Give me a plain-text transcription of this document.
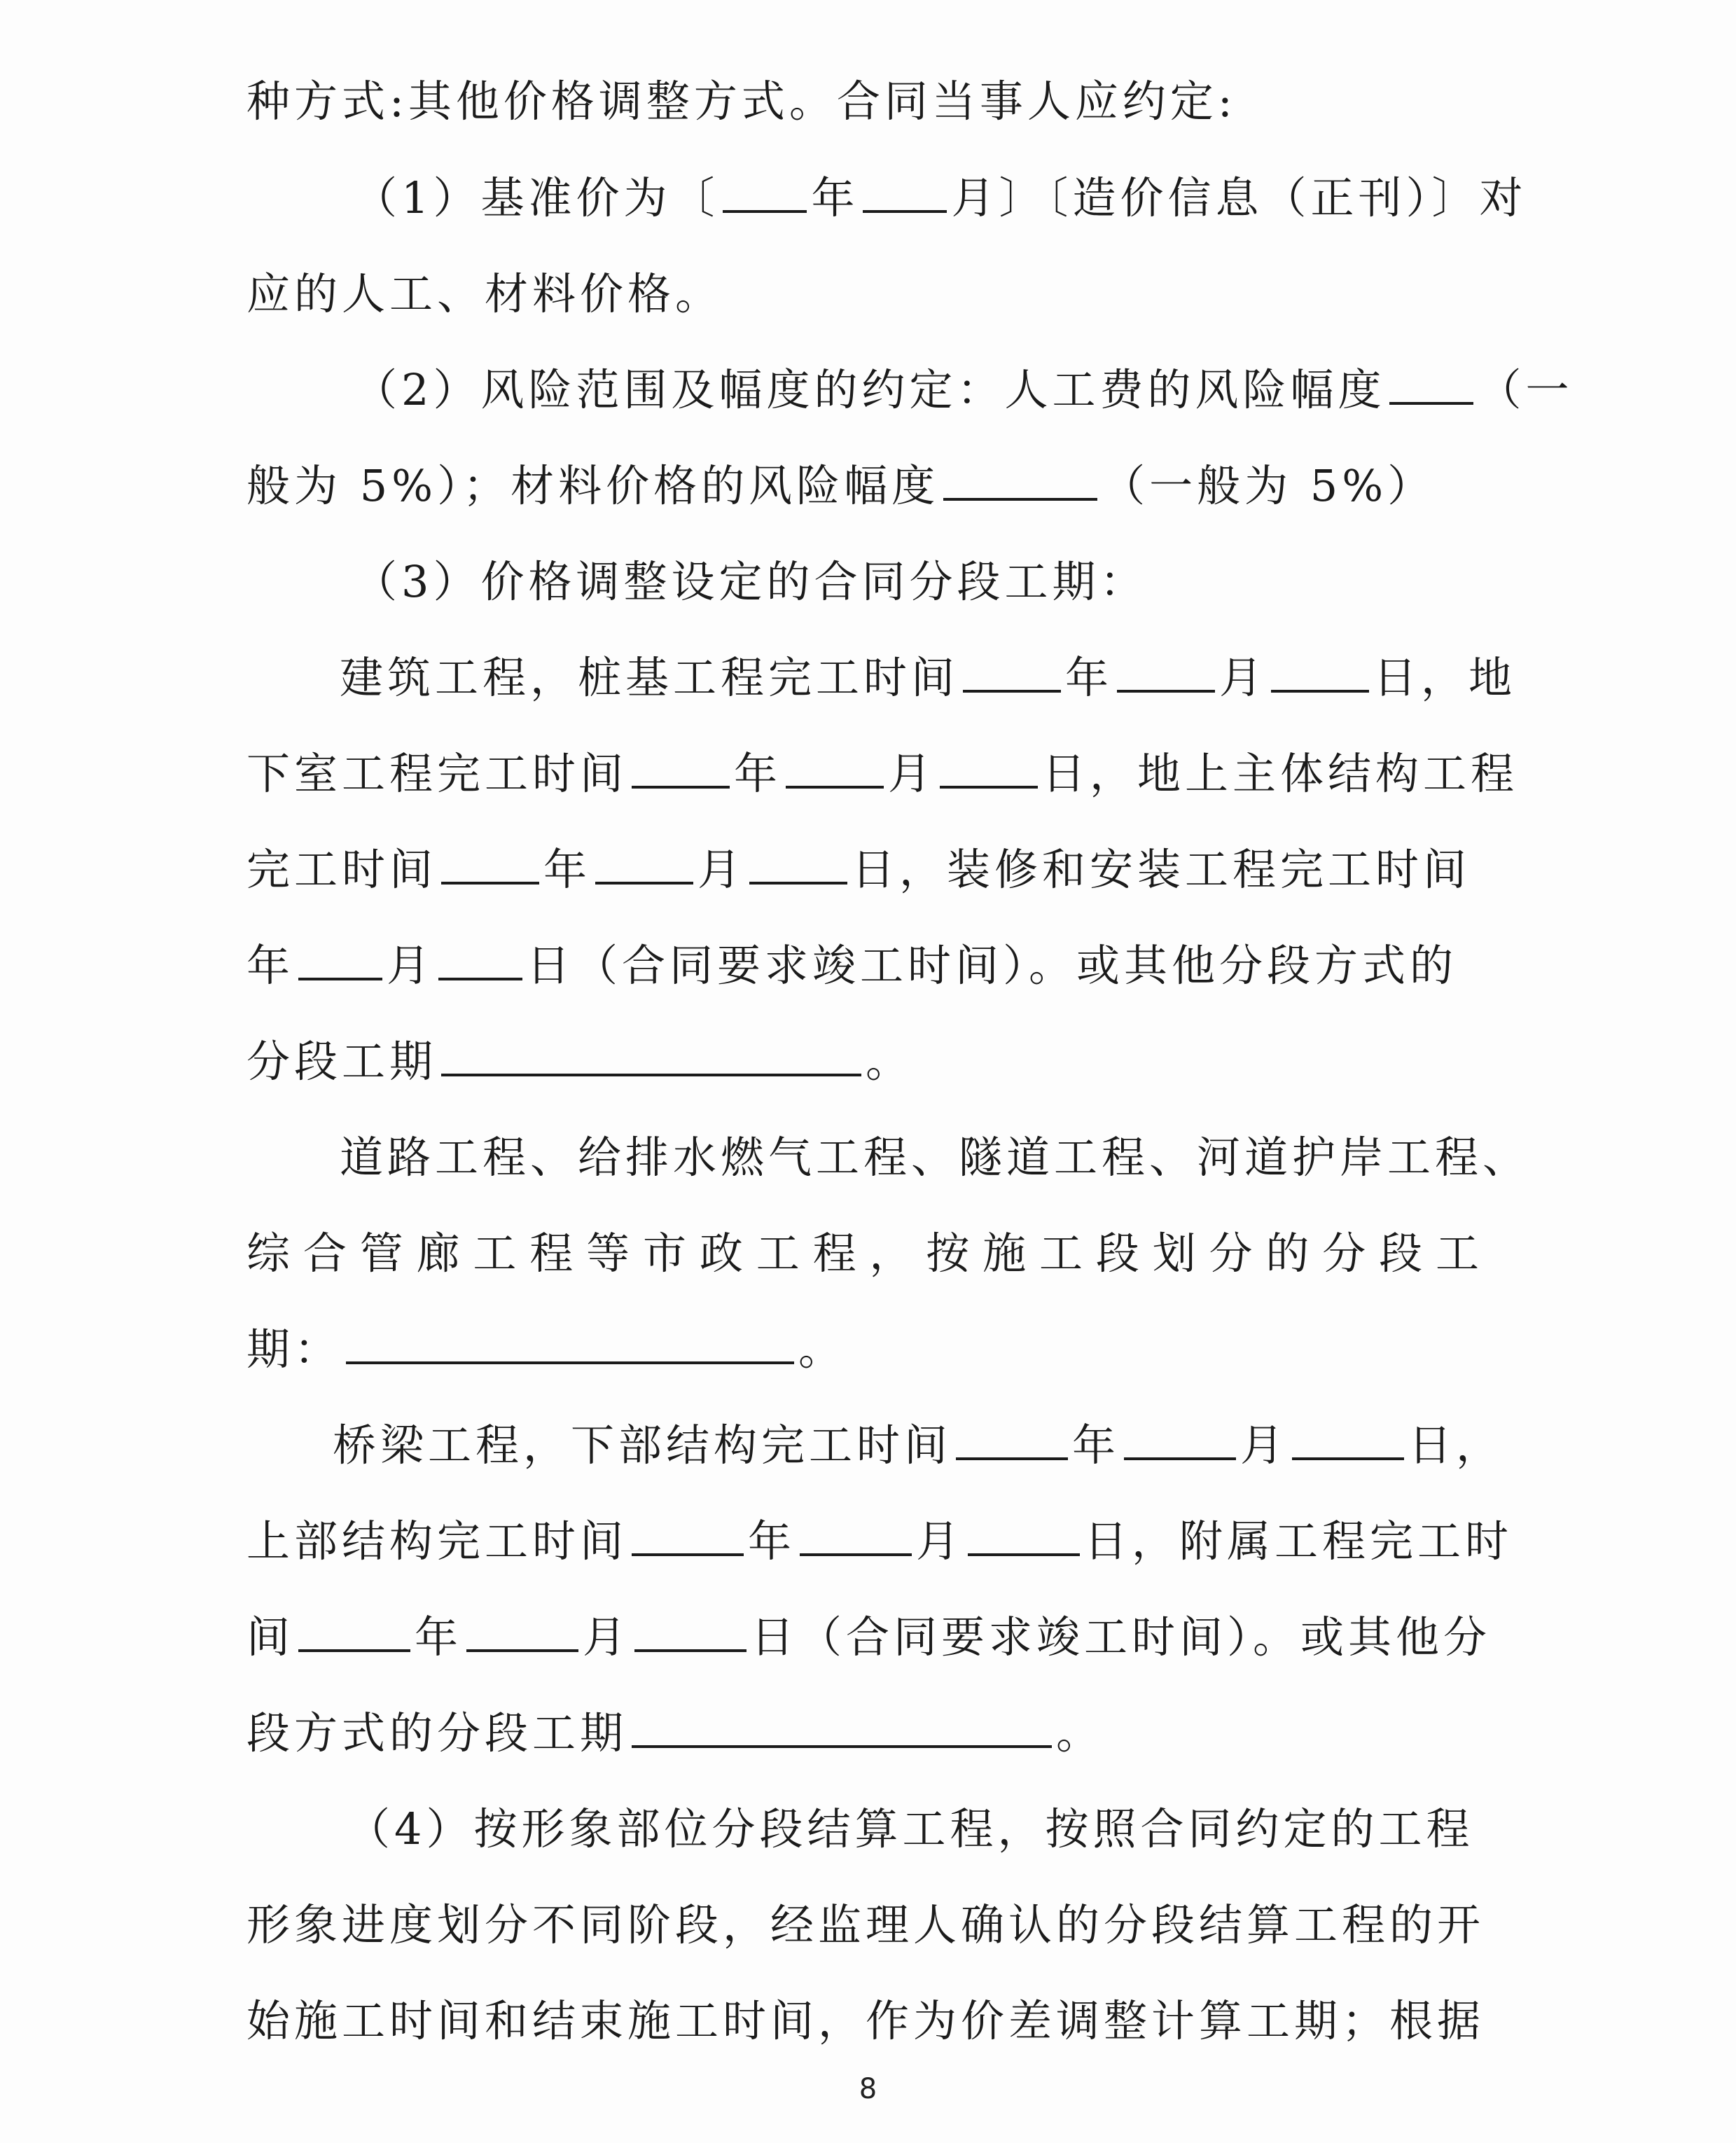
种方式:其他价格调整方式。合同当事人应约定:
（1）基准价为〔 年 月〕〔造价信息（正刊）〕对
应的人工、材料价格。
（2）风险范围及幅度的约定：人工费的风险幅度 （一
般为 5%）；材料价格的风险幅度	（一般为 5%）
（3）价格调整设定的合同分段工期：
建筑工程，桩基工程完工时间 年 月 日，地
下室工程完工时间 年 月 日，地上主体结构工程
完工时间 年 月 日，装修和安装工程完工时间
年 月 日（合同要求竣工时间）。或其他分段方式的
分段工期	。
道路工程、给排水燃气工程、隧道工程、河道护岸工程、
综合管廊工程等市政工程，按施工段划分的分段工
期：	。
桥梁工程，下部结构完工时间	年	月	日，
上部结构完工时间	年	月	日，附属工程完工时
间	年	月	日（合同要求竣工时间）。或其他分
段方式的分段工期	。
（4）按形象部位分段结算工程，按照合同约定的工程
形象进度划分不同阶段，经监理人确认的分段结算工程的开
始施工时间和结束施工时间，作为价差调整计算工期；根据
8
